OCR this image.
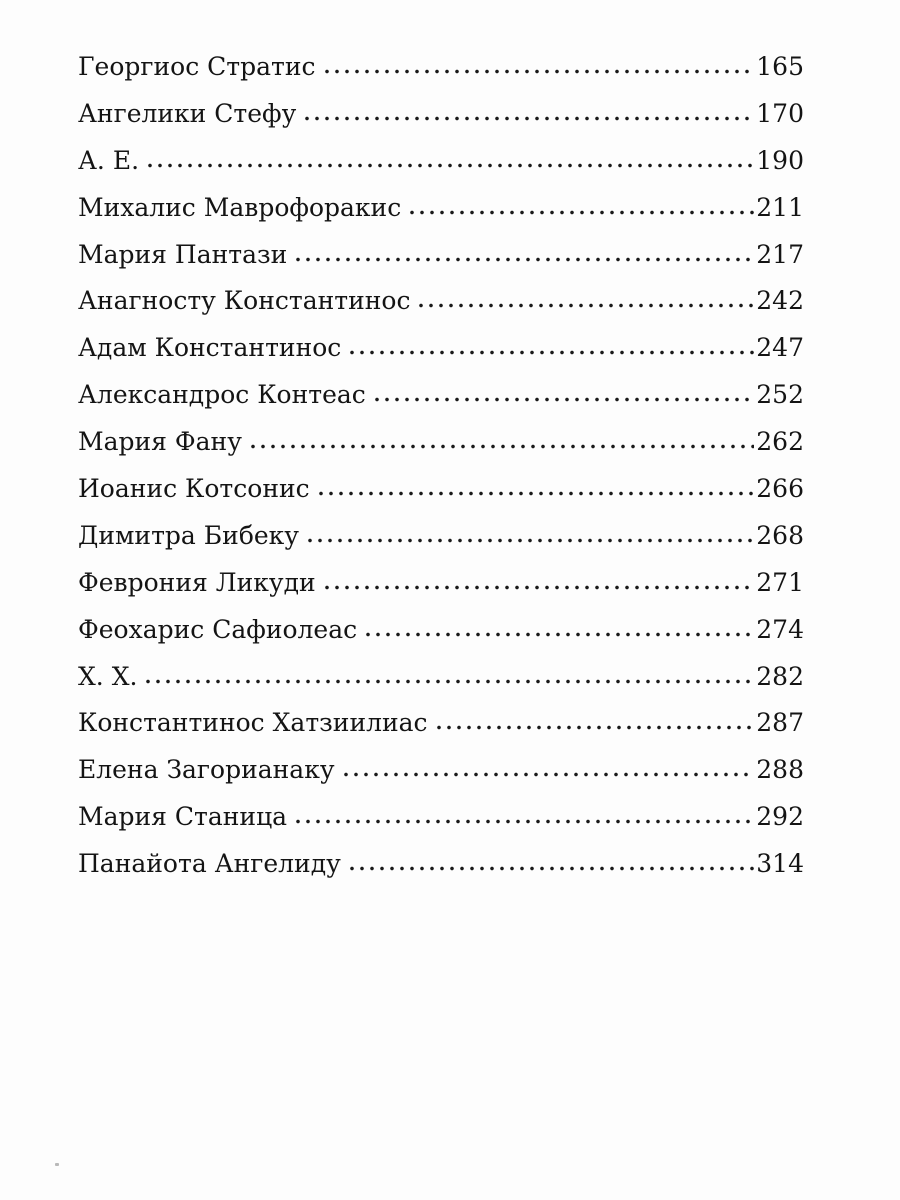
Георгиос Стратис	165
Ангелики Стефу	170
А. Е.	190
Михалис Маврофоракис	211
Мария Пантази	217
Анагносту Константинос	242
Адам Константинос	247
Александрос Контеас	252
Мария Фану	262
Иоанис Котсонис	266
Димитра Бибеку	268
Феврония Ликуди	271
Феохарис Сафиолеас	274
Х. Х.	282
Константинос Хатзиилиас	287
Елена Загорианаку	288
Мария Станица	292
Панайота Ангелиду	314
